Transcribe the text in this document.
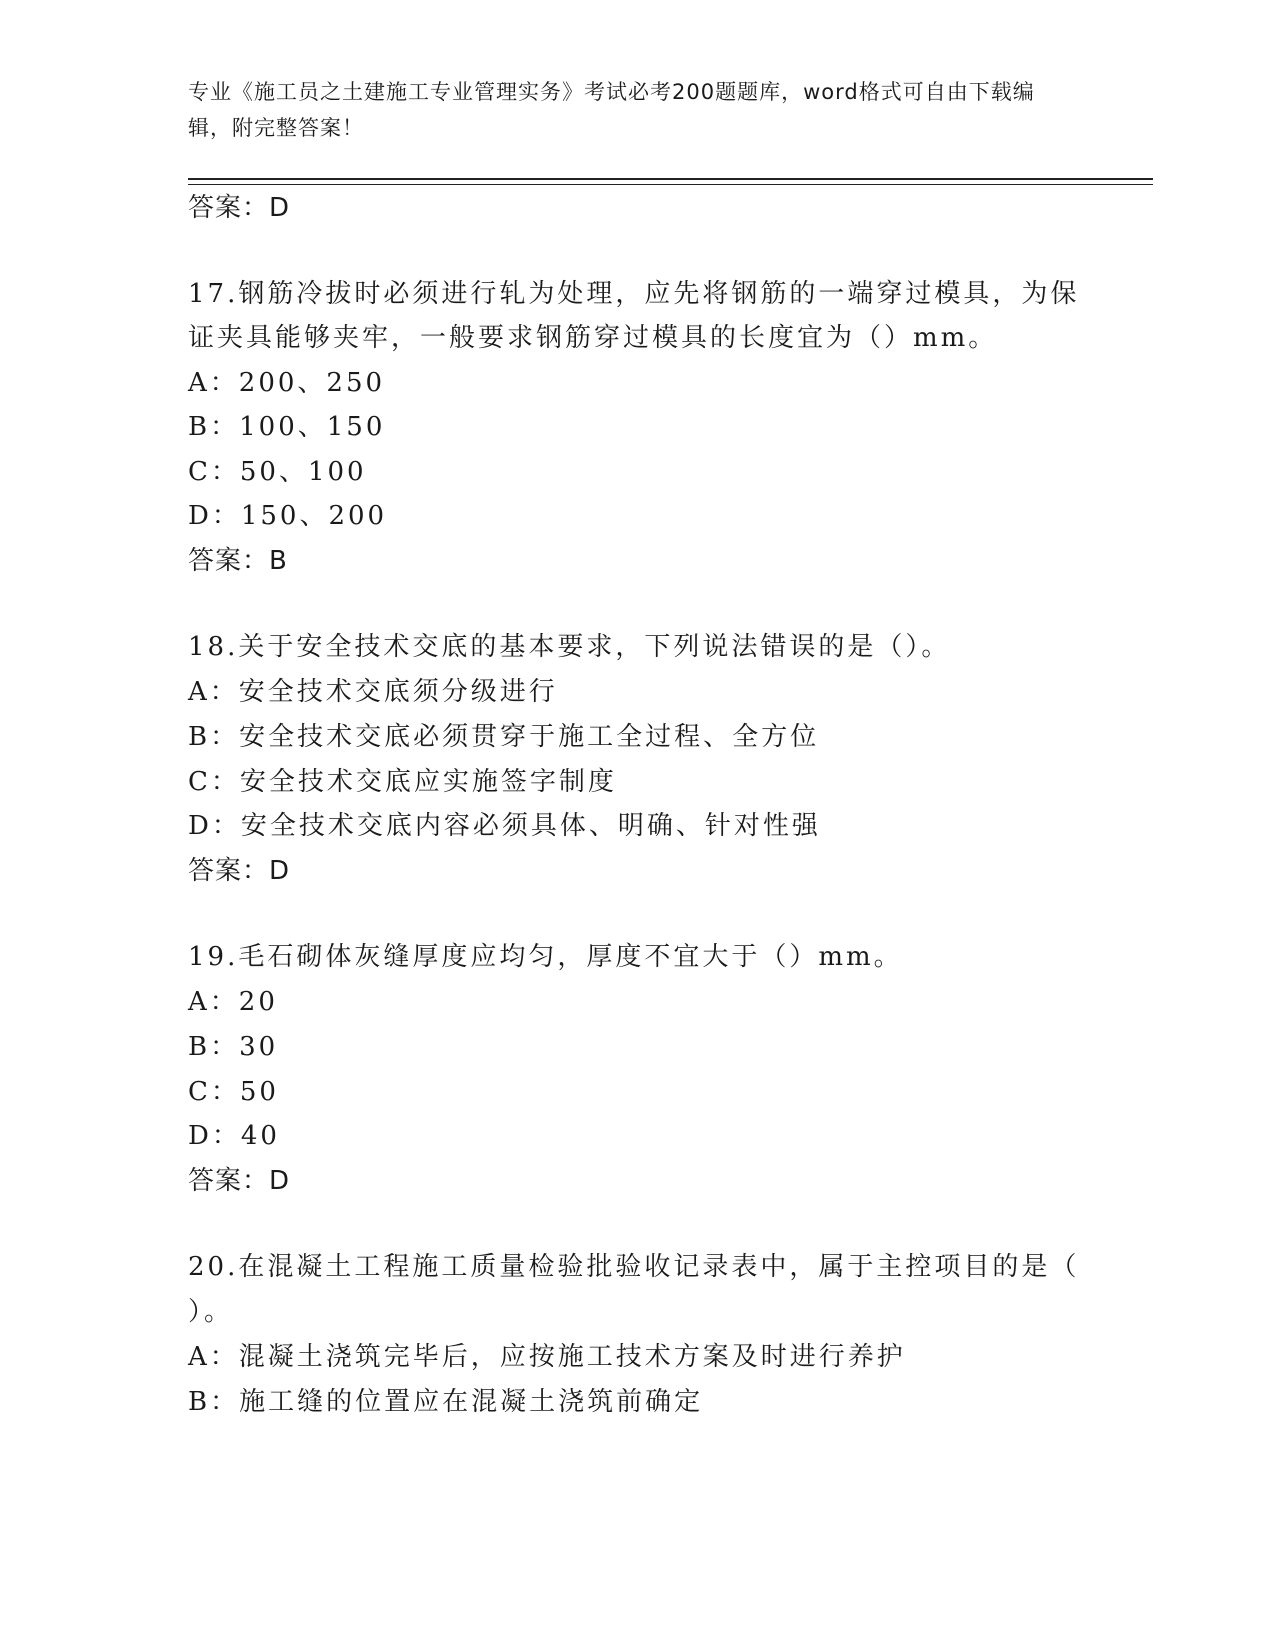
专业《施工员之土建施工专业管理实务》考试必考200题题库，word格式可自由下载编辑，附完整答案！
答案：D
17.钢筋冷拔时必须进行轧为处理，应先将钢筋的一端穿过模具，为保
证夹具能够夹牢，一般要求钢筋穿过模具的长度宜为（）mm。
A：200、250
B：100、150
C：50、100
D：150、200
答案：B
18.关于安全技术交底的基本要求，下列说法错误的是（）。
A：安全技术交底须分级进行
B：安全技术交底必须贯穿于施工全过程、全方位
C：安全技术交底应实施签字制度
D：安全技术交底内容必须具体、明确、针对性强
答案：D
19.毛石砌体灰缝厚度应均匀，厚度不宜大于（）mm。
A：20
B：30
C：50
D：40
答案：D
20.在混凝土工程施工质量检验批验收记录表中，属于主控项目的是（
）。
A：混凝土浇筑完毕后，应按施工技术方案及时进行养护
B：施工缝的位置应在混凝土浇筑前确定
